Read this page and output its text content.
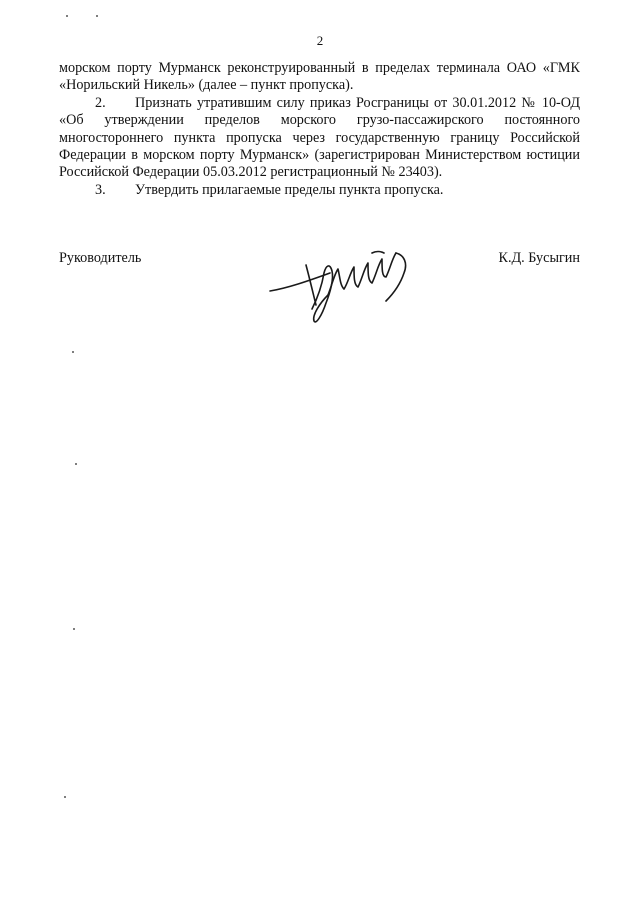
2

морском порту Мурманск реконструированный в пределах терминала ОАО «ГМК «Норильский Никель» (далее – пункт пропуска).

2. Признать утратившим силу приказ Росграницы от 30.01.2012 № 10-ОД «Об утверждении пределов морского грузо-пассажирского постоянного многостороннего пункта пропуска через государственную границу Российской Федерации в морском порту Мурманск» (зарегистрирован Министерством юстиции Российской Федерации 05.03.2012 регистрационный № 23403).

3. Утвердить прилагаемые пределы пункта пропуска.

Руководитель	К.Д. Бусыгин
